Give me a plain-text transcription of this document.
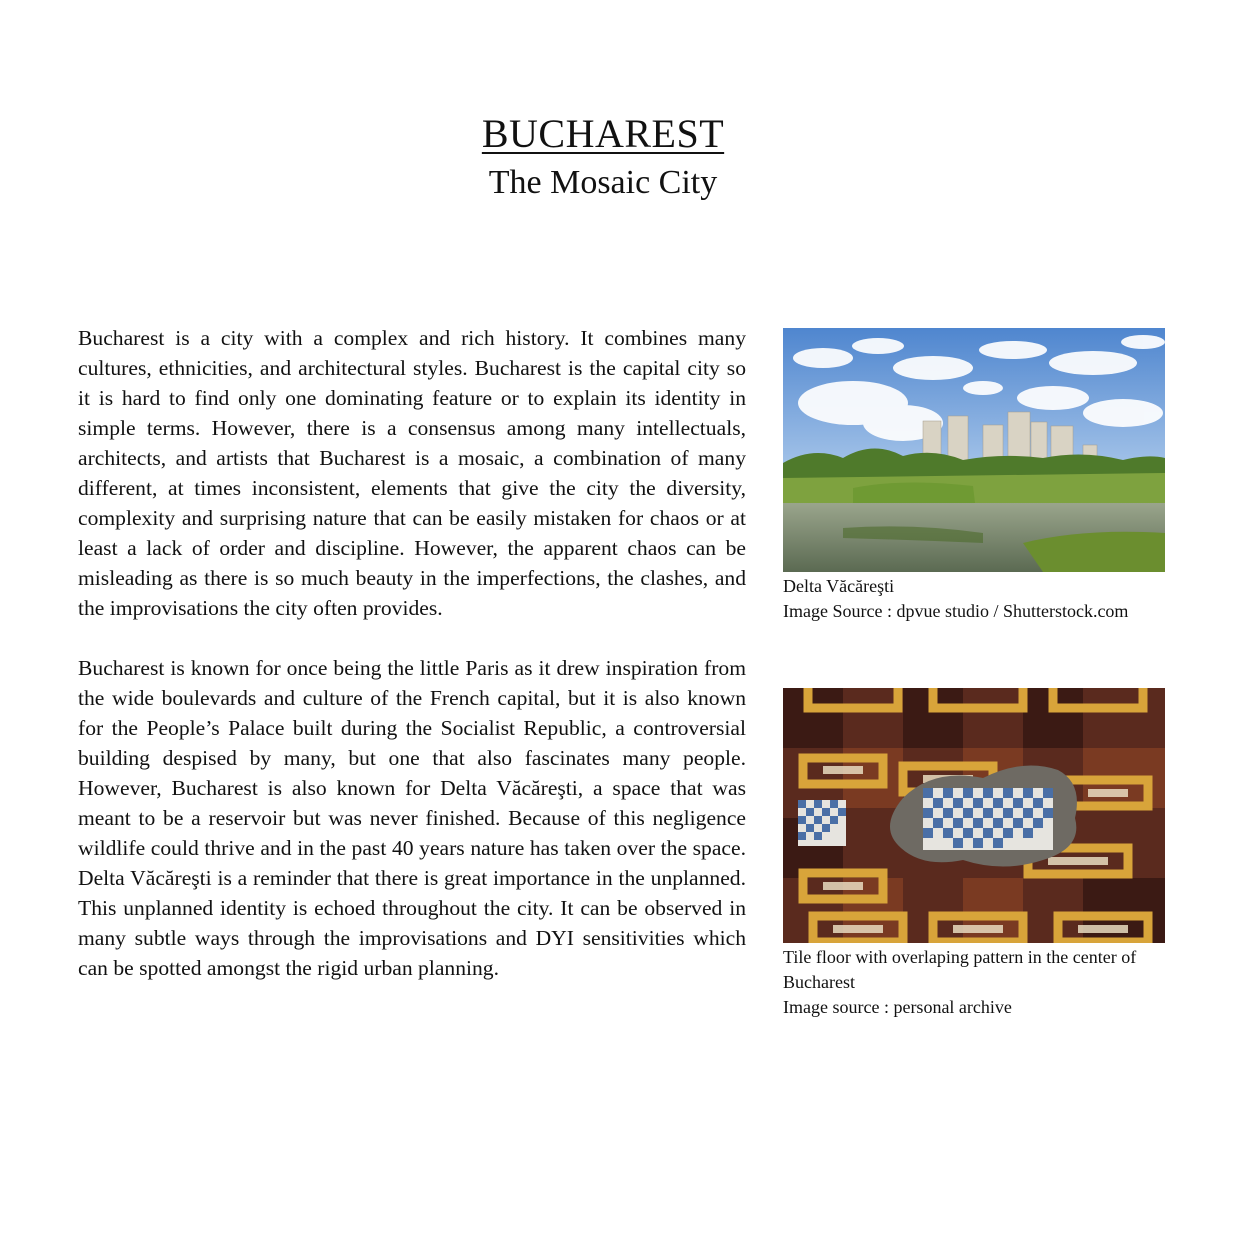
BUCHAREST
The Mosaic City

Bucharest is a city with a complex and rich history. It combines many cultures, ethnicities, and architectural styles. Bucharest is the capital city so it is hard to find only one dominating feature or to explain its identity in simple terms. However, there is a consensus among many intellectuals, architects, and artists that Bucharest is a mosaic, a combination of many different, at times inconsistent, elements that give the city the diversity, complexity and surprising nature that can be easily mistaken for chaos or at least a lack of order and discipline. However, the apparent chaos can be misleading as there is so much beauty in the imperfections, the clashes, and the improvisations the city often provides.

Bucharest is known for once being the little Paris as it drew inspiration from the wide boulevards and culture of the French capital, but it is also known for the People’s Palace built during the Socialist Republic, a controversial building despised by many, but one that also fascinates many people. However, Bucharest is also known for Delta Văcăreşti, a space that was meant to be a reservoir but was never finished. Because of this negligence wildlife could thrive and in the past 40 years nature has taken over the space. Delta Văcăreşti is a reminder that there is great importance in the unplanned. This unplanned identity is echoed throughout the city. It can be observed in many subtle ways through the improvisations and DYI sensitivities which can be spotted amongst the rigid urban planning.

Delta Văcăreşti
Image Source : dpvue studio / Shutterstock.com
Tile floor with overlaping pattern in the center of Bucharest
Image source : personal archive
